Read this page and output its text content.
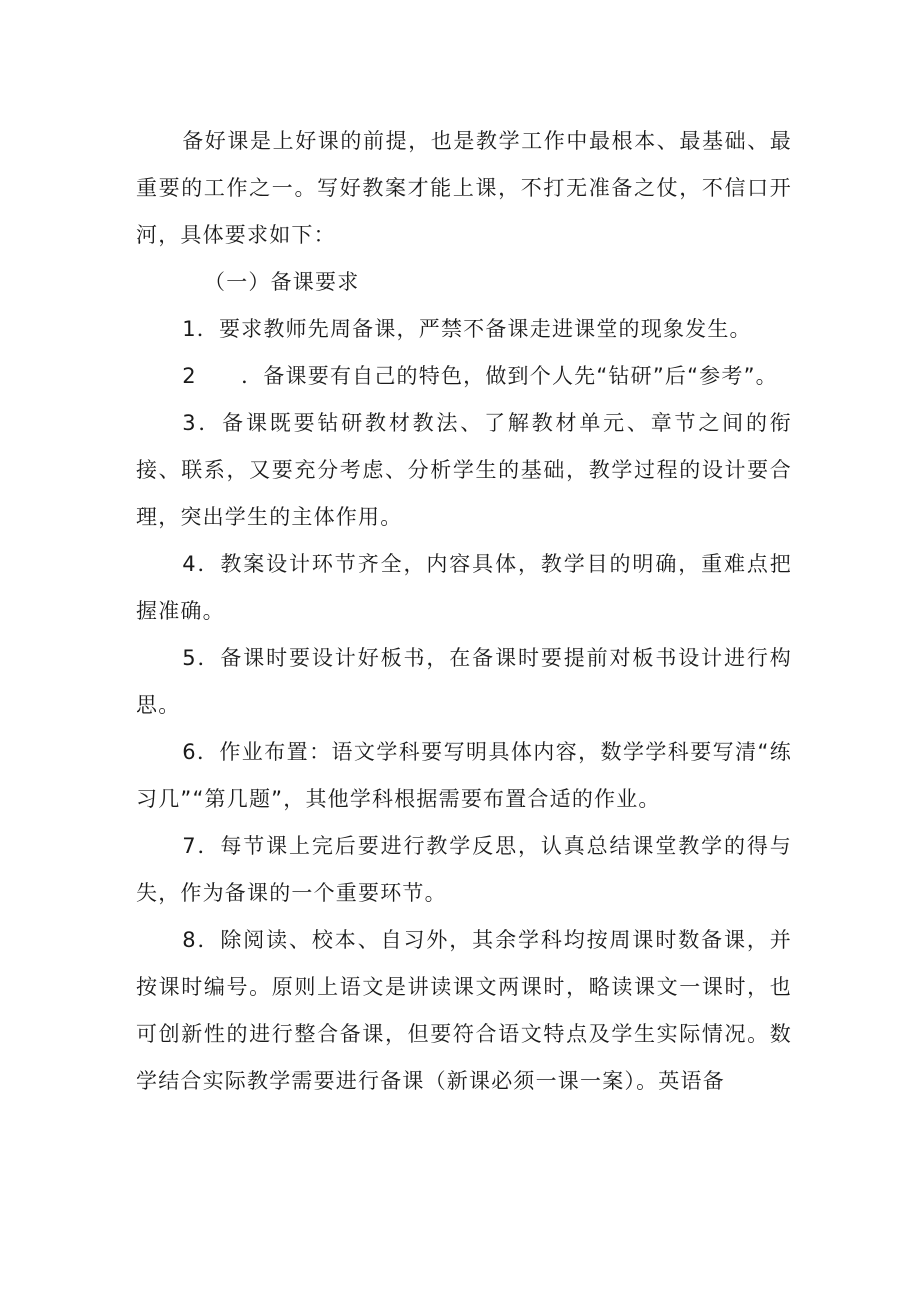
备好课是上好课的前提，也是教学工作中最根本、最基础、最重要的工作之一。写好教案才能上课，不打无准备之仗，不信口开河，具体要求如下：

（一）备课要求

1．要求教师先周备课，严禁不备课走进课堂的现象发生。

2　　．备课要有自己的特色，做到个人先“钻研”后“参考”。

3．备课既要钻研教材教法、了解教材单元、章节之间的衔接、联系，又要充分考虑、分析学生的基础，教学过程的设计要合理，突出学生的主体作用。

4．教案设计环节齐全，内容具体，教学目的明确，重难点把握准确。

5．备课时要设计好板书，在备课时要提前对板书设计进行构思。

6．作业布置：语文学科要写明具体内容，数学学科要写清“练习几”“第几题”，其他学科根据需要布置合适的作业。

7．每节课上完后要进行教学反思，认真总结课堂教学的得与失，作为备课的一个重要环节。

8．除阅读、校本、自习外，其余学科均按周课时数备课，并按课时编号。原则上语文是讲读课文两课时，略读课文一课时，也可创新性的进行整合备课，但要符合语文特点及学生实际情况。数学结合实际教学需要进行备课（新课必须一课一案）。英语备
